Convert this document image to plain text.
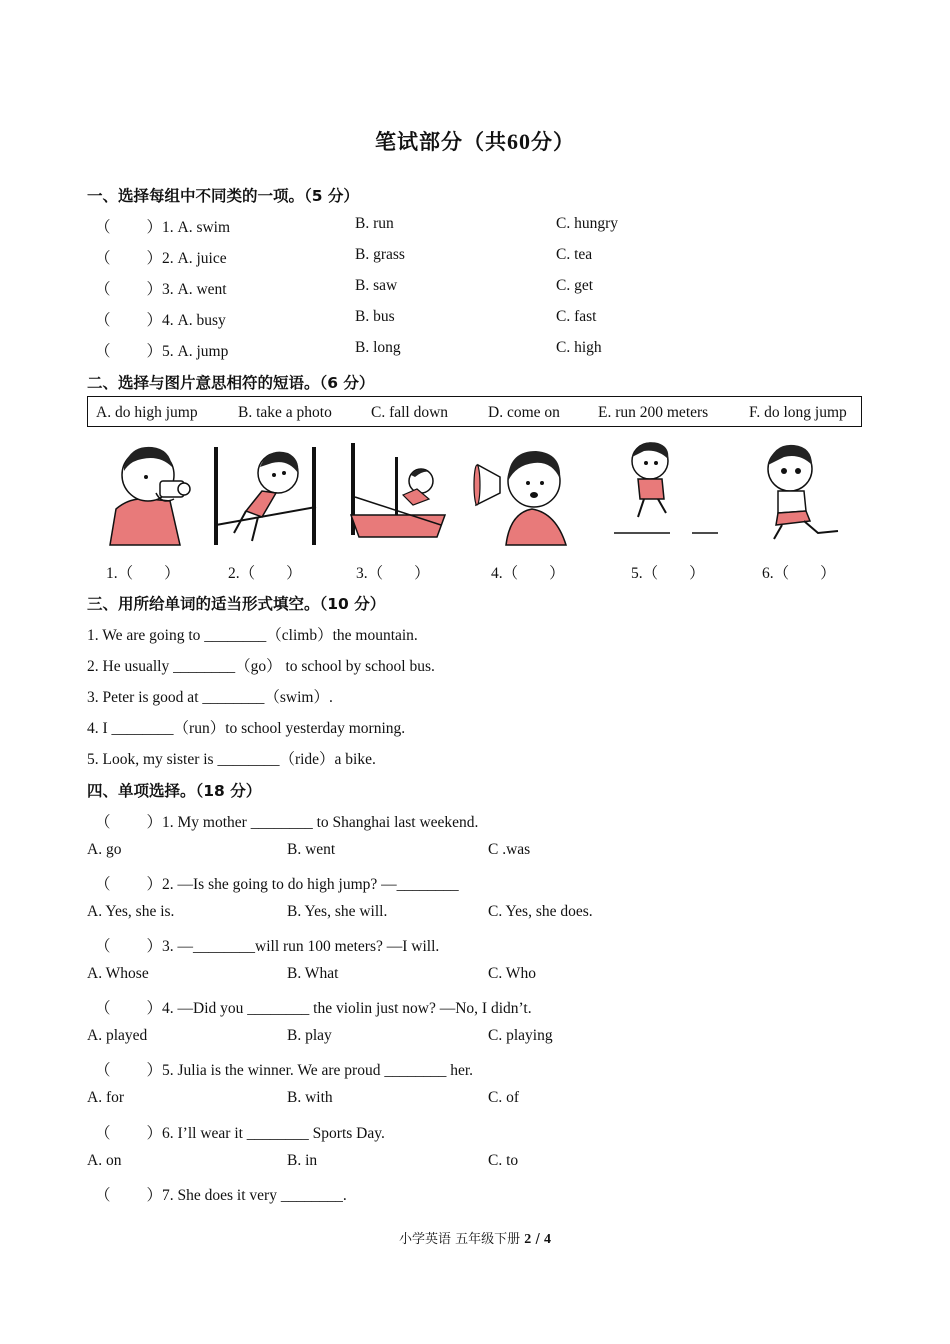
笔试部分（共60分）
一、选择每组中不同类的一项。（5 分）
（ ）1. A. swim	B. run	C. hungry
（ ）2. A. juice	B. grass	C. tea
（ ）3. A. went	B. saw	C. get
（ ）4. A. busy	B. bus	C. fast
（ ）5. A. jump	B. long	C. high
二、选择与图片意思相符的短语。（6 分）
A. do high jump	B. take a photo	C. fall down	D. come on E. run 200 meters	F. do long jump
1.（　　）	2.（　　）	3.（　　）	4.（　　）	5.（　　）	6.（　　）
三、用所给单词的适当形式填空。（10 分）
1. We are going to ________（climb）the mountain.
2. He usually ________（go） to school by school bus.
3. Peter is good at ________（swim）.
4. I ________（run）to school yesterday morning.
5. Look, my sister is ________（ride）a bike.
四、单项选择。（18 分）
（ ）1. My mother ________ to Shanghai last weekend.
A. go	B. went	C .was
（ ）2. —Is she going to do high jump? —________
A. Yes, she is.	B. Yes, she will.	C. Yes, she does.
（ ）3. —________will run 100 meters? —I will.
A. Whose	B. What	C. Who
（ ）4. —Did you ________ the violin just now? —No, I didn’t.
A. played	B. play	C. playing
（ ）5. Julia is the winner. We are proud ________ her.
A. for	B. with	C. of
（ ）6. I’ll wear it ________ Sports Day.
A. on	B. in	C. to
（ ）7. She does it very ________.
小学英语 五年级下册 2 / 4
